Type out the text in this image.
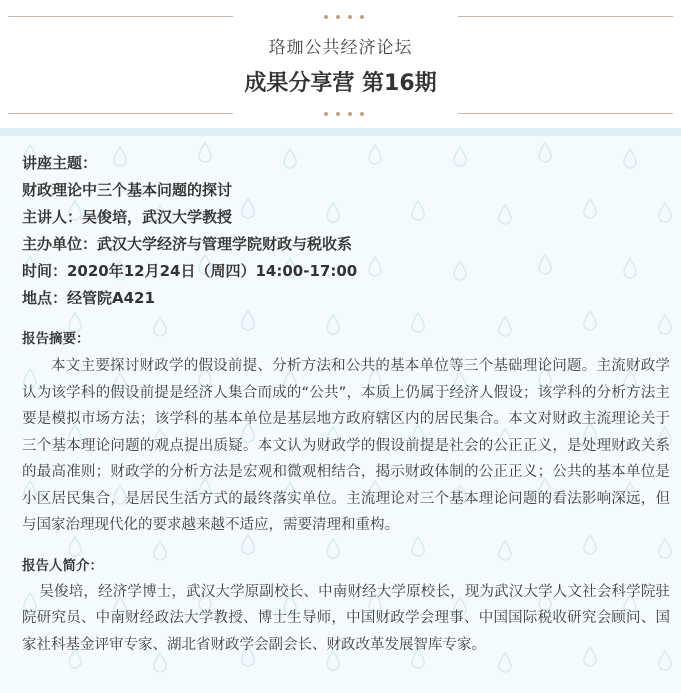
珞珈公共经济论坛
成果分享营 第16期
讲座主题：
财政理论中三个基本问题的探讨
主讲人：吴俊培，武汉大学教授
主办单位：武汉大学经济与管理学院财政与税收系
时间：2020年12月24日（周四）14:00-17:00
地点：经管院A421
报告摘要：

本文主要探讨财政学的假设前提、分析方法和公共的基本单位等三个基础理论问题。主流财政学认为该学科的假设前提是经济人集合而成的“公共”，本质上仍属于经济人假设；该学科的分析方法主要是模拟市场方法；该学科的基本单位是基层地方政府辖区内的居民集合。本文对财政主流理论关于三个基本理论问题的观点提出质疑。本文认为财政学的假设前提是社会的公正正义，是处理财政关系的最高准则；财政学的分析方法是宏观和微观相结合，揭示财政体制的公正正义；公共的基本单位是小区居民集合，是居民生活方式的最终落实单位。主流理论对三个基本理论问题的看法影响深远，但与国家治理现代化的要求越来越不适应，需要清理和重构。

报告人简介：

吴俊培，经济学博士，武汉大学原副校长、中南财经大学原校长，现为武汉大学人文社会科学院驻院研究员、中南财经政法大学教授、博士生导师，中国财政学会理事、中国国际税收研究会顾问、国家社科基金评审专家、湖北省财政学会副会长、财政改革发展智库专家。
